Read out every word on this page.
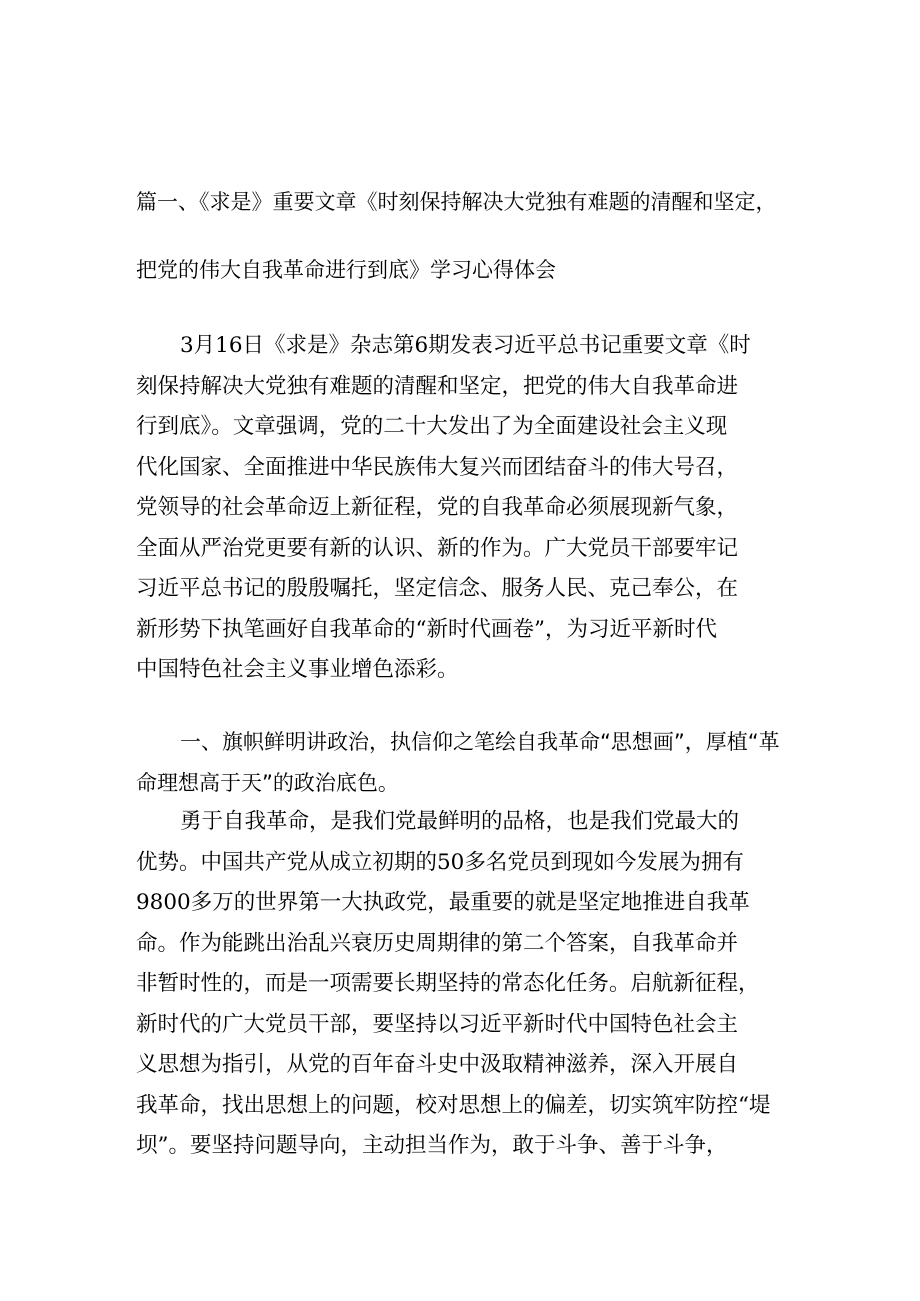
篇一、《求是》重要文章《时刻保持解决大党独有难题的清醒和坚定，
把党的伟大自我革命进行到底》学习心得体会
3月16日《求是》杂志第6期发表习近平总书记重要文章《时
刻保持解决大党独有难题的清醒和坚定，把党的伟大自我革命进
行到底》。文章强调，党的二十大发出了为全面建设社会主义现
代化国家、全面推进中华民族伟大复兴而团结奋斗的伟大号召，
党领导的社会革命迈上新征程，党的自我革命必须展现新气象，
全面从严治党更要有新的认识、新的作为。广大党员干部要牢记
习近平总书记的殷殷嘱托，坚定信念、服务人民、克己奉公，在
新形势下执笔画好自我革命的“新时代画卷”，为习近平新时代
中国特色社会主义事业增色添彩。
一、旗帜鲜明讲政治，执信仰之笔绘自我革命“思想画”，厚植“革
命理想高于天”的政治底色。
勇于自我革命，是我们党最鲜明的品格，也是我们党最大的
优势。中国共产党从成立初期的50多名党员到现如今发展为拥有
9800多万的世界第一大执政党，最重要的就是坚定地推进自我革
命。作为能跳出治乱兴衰历史周期律的第二个答案，自我革命并
非暂时性的，而是一项需要长期坚持的常态化任务。启航新征程，
新时代的广大党员干部，要坚持以习近平新时代中国特色社会主
义思想为指引，从党的百年奋斗史中汲取精神滋养，深入开展自
我革命，找出思想上的问题，校对思想上的偏差，切实筑牢防控“堤
坝”。要坚持问题导向，主动担当作为，敢于斗争、善于斗争，
